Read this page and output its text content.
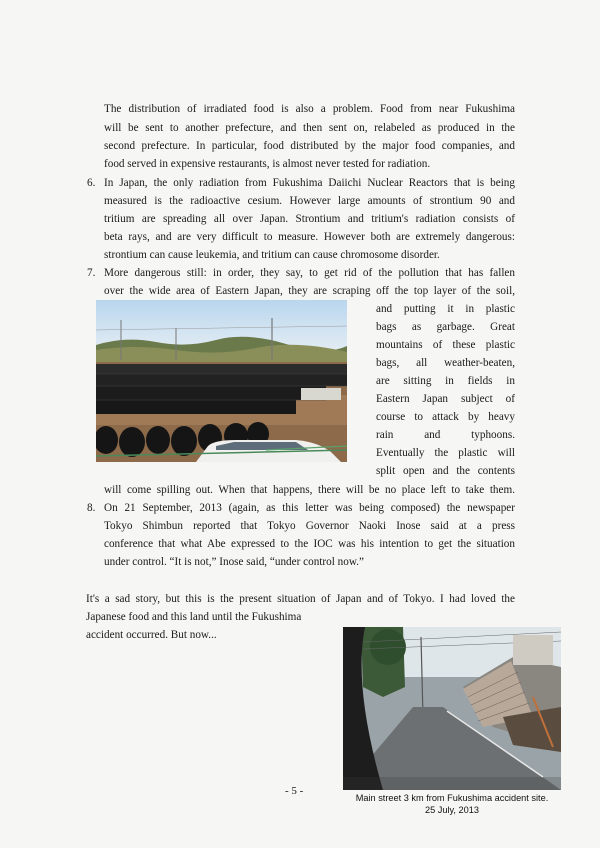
The distribution of irradiated food is also a problem. Food from near Fukushima
will be sent to another prefecture, and then sent on, relabeled as produced in the
second prefecture. In particular, food distributed by the major food companies, and
food served in expensive restaurants, is almost never tested for radiation.
6. In Japan, the only radiation from Fukushima Daiichi Nuclear Reactors that is being
measured is the radioactive cesium. However large amounts of strontium 90 and
tritium are spreading all over Japan. Strontium and tritium's radiation consists of
beta rays, and are very difficult to measure. However both are extremely dangerous:
strontium can cause leukemia, and tritium can cause chromosome disorder.
7. More dangerous still: in order, they say, to get rid of the pollution that has fallen
over the wide area of Eastern Japan, they are scraping off the top layer of the soil,
and putting it in plastic
bags as garbage. Great
mountains of these plastic
bags, all weather-beaten,
are sitting in fields in
Eastern Japan subject of
course to attack by heavy
rain and typhoons.
Eventually the plastic will
split open and the contents
will come spilling out. When that happens, there will be no place left to take them.
8. On 21 September, 2013 (again, as this letter was being composed) the newspaper
Tokyo Shimbun reported that Tokyo Governor Naoki Inose said at a press
conference that what Abe expressed to the IOC was his intention to get the situation
under control. “It is not,” Inose said, “under control now.”
It's a sad story, but this is the present situation of Japan and of Tokyo. I had loved the
Japanese food and this land until the Fukushima
accident occurred. But now...
Main street 3 km from Fukushima accident site.
25 July, 2013
- 5 -
